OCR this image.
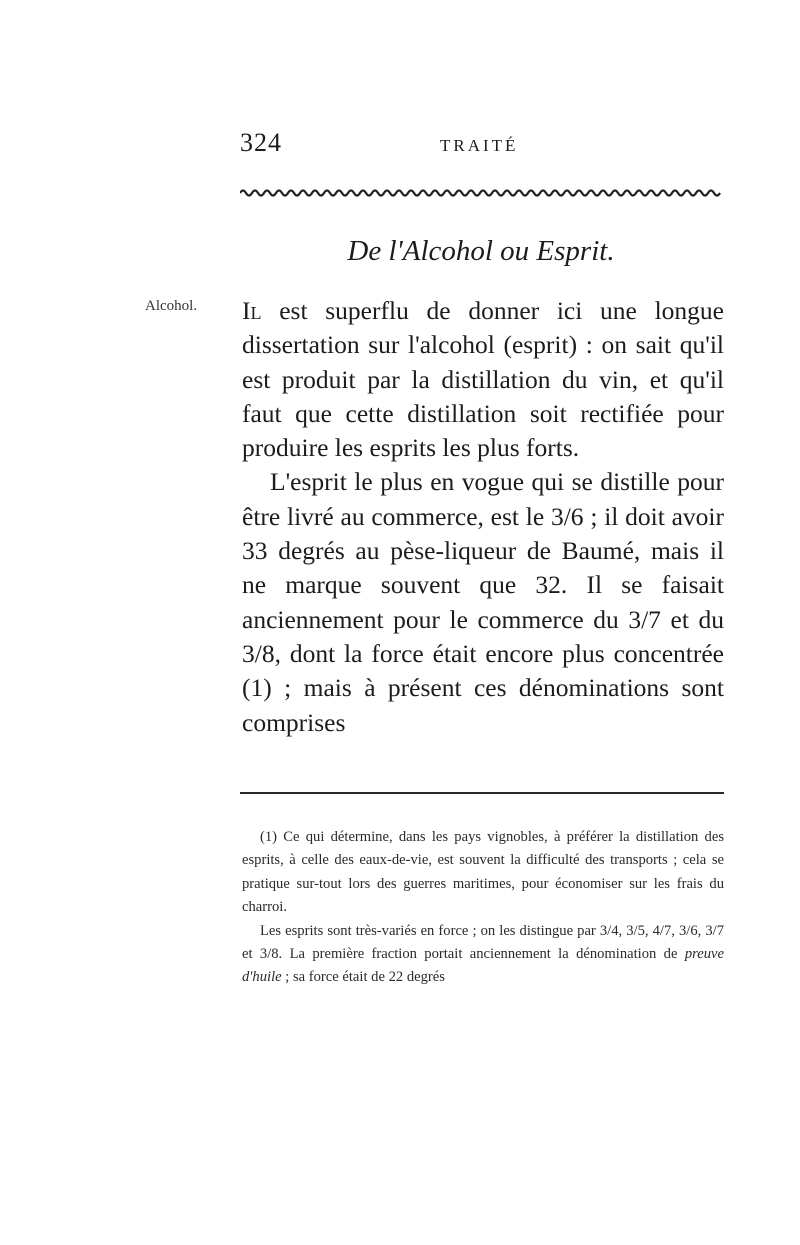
324	TRAITÉ
De l'Alcohol ou Esprit.
Alcohol. Il est superflu de donner ici une longue dissertation sur l'alcohol (esprit) : on sait qu'il est produit par la distillation du vin, et qu'il faut que cette distillation soit rectifiée pour produire les esprits les plus forts.

L'esprit le plus en vogue qui se distille pour être livré au commerce, est le 3/6 ; il doit avoir 33 degrés au pèse-liqueur de Baumé, mais il ne marque souvent que 32. Il se faisait anciennement pour le commerce du 3/7 et du 3/8, dont la force était encore plus concentrée (1) ; mais à présent ces dénominations sont comprises

(1) Ce qui détermine, dans les pays vignobles, à préférer la distillation des esprits, à celle des eaux-de-vie, est souvent la difficulté des transports ; cela se pratique sur-tout lors des guerres maritimes, pour économiser sur les frais du charroi.

Les esprits sont très-variés en force ; on les distingue par 3/4, 3/5, 4/7, 3/6, 3/7 et 3/8. La première fraction portait anciennement la dénomination de preuve d'huile ; sa force était de 22 degrés
